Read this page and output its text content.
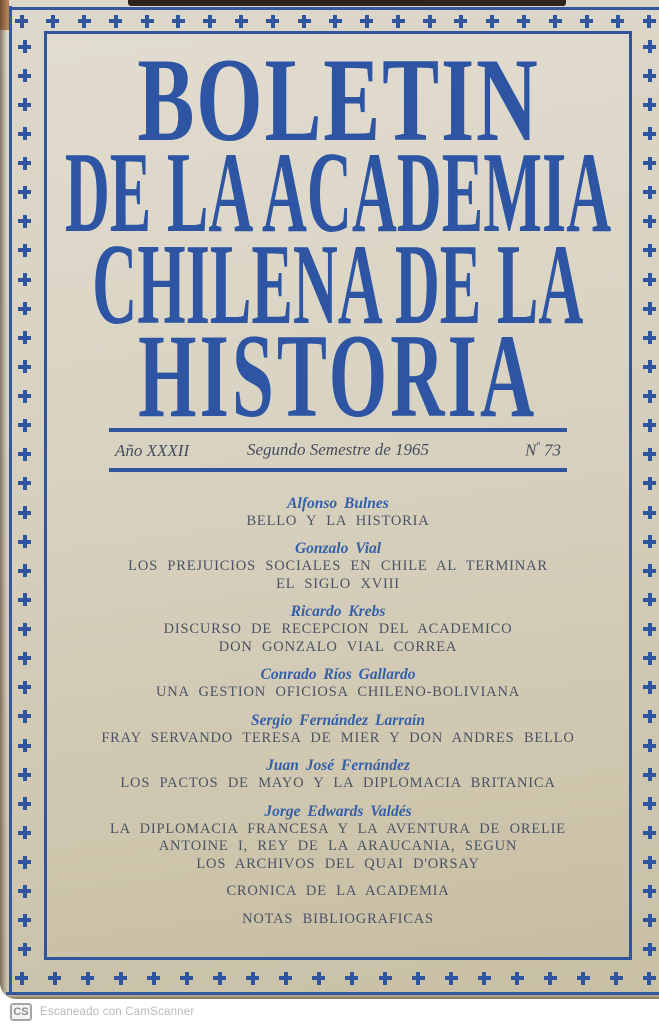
BOLETIN
DE LA ACADEMIA
CHILENA DE LA
HISTORIA
Año XXXII	Segundo Semestre de 1965	$N^º$ 73
Alfonso Bulnes
BELLO Y LA HISTORIA
Gonzalo Vial
LOS PREJUICIOS SOCIALES EN CHILE AL TERMINAR
EL SIGLO XVIII
Ricardo Krebs
DISCURSO DE RECEPCION DEL ACADEMICO
DON GONZALO VIAL CORREA
Conrado Ríos Gallardo
UNA GESTION OFICIOSA CHILENO-BOLIVIANA
Sergio Fernández Larraín
FRAY SERVANDO TERESA DE MIER Y DON ANDRES BELLO
Juan José Fernández
LOS PACTOS DE MAYO Y LA DIPLOMACIA BRITANICA
Jorge Edwards Valdés
LA DIPLOMACIA FRANCESA Y LA AVENTURA DE ORELIE
ANTOINE I, REY DE LA ARAUCANIA, SEGUN
LOS ARCHIVOS DEL QUAI D'ORSAY
CRONICA DE LA ACADEMIA
NOTAS BIBLIOGRAFICAS
CS Escaneado con CamScanner
